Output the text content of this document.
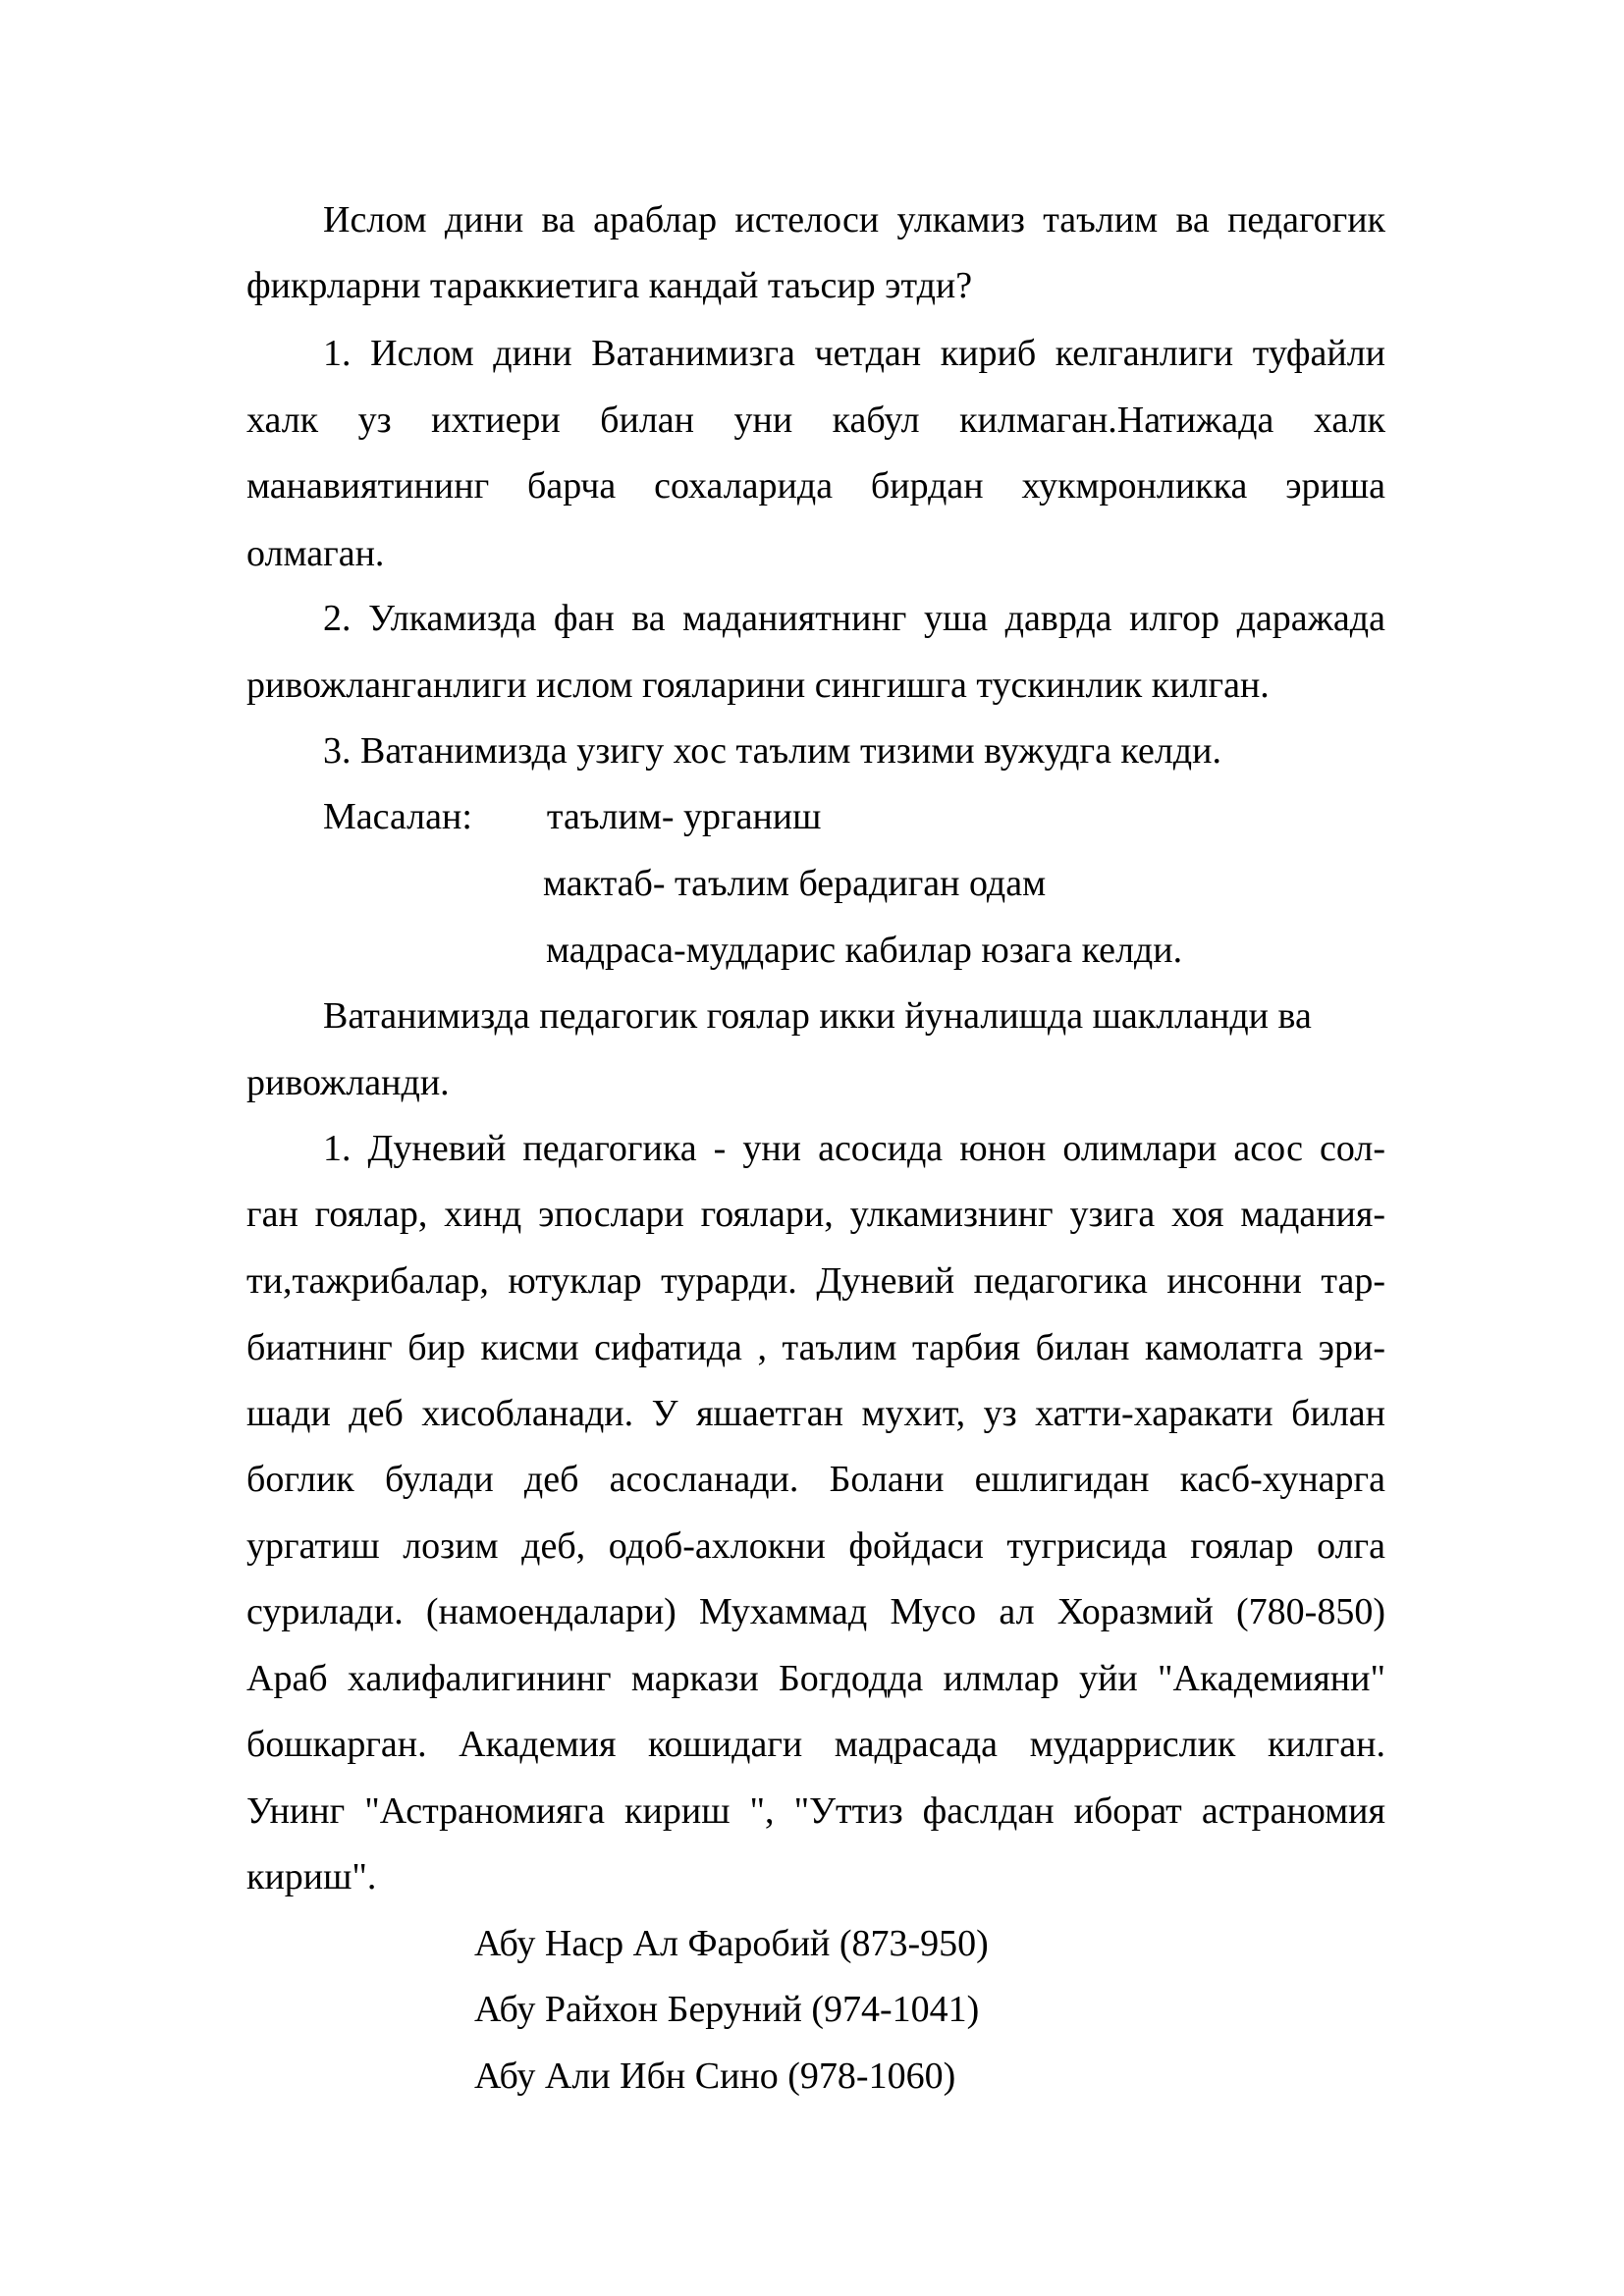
Ислом дини ва араблар истелоси улкамиз таълим ва педагогик
фикрларни тараккиетига кандай таъсир этди?
1. Ислом дини Ватанимизга четдан кириб келганлиги туфайли
халк уз ихтиери билан уни кабул килмаган.Натижада халк
манавиятининг барча сохаларида бирдан хукмронликка эриша
олмаган.
2. Улкамизда фан ва маданиятнинг уша даврда илгор даражада
ривожланганлиги ислом гояларини сингишга тускинлик килган.
3. Ватанимизда узигу хос таълим тизими вужудга келди.
Масалан: таълим- урганиш
мактаб- таълим берадиган одам
мадраса-муддарис кабилар юзага келди.
Ватанимизда педагогик гоялар икки йуналишда шаклланди ва
ривожланди.
1. Дуневий педагогика - уни асосида юнон олимлари асос сол-
ган гоялар, хинд эпослари гоялари, улкамизнинг узига хоя мадания-
ти,тажрибалар, ютуклар турарди. Дуневий педагогика инсонни тар-
биатнинг бир кисми сифатида , таълим тарбия билан камолатга эри-
шади деб хисобланади. У яшаетган мухит, уз хатти-харакати билан
боглик булади деб асосланади. Болани ешлигидан касб-хунарга
ургатиш лозим деб, одоб-ахлокни фойдаси тугрисида гоялар олга
сурилади. (намоендалари) Мухаммад Мусо ал Хоразмий (780-850)
Араб халифалигининг маркази Богдодда илмлар уйи "Академияни"
бошкарган. Академия кошидаги мадрасада мударрислик килган.
Унинг "Астраномияга кириш ", "Уттиз фаслдан иборат астраномия
кириш".
Абу Наср Ал Фаробий (873-950)
Абу Райхон Беруний (974-1041)
Абу Али Ибн Сино (978-1060)
